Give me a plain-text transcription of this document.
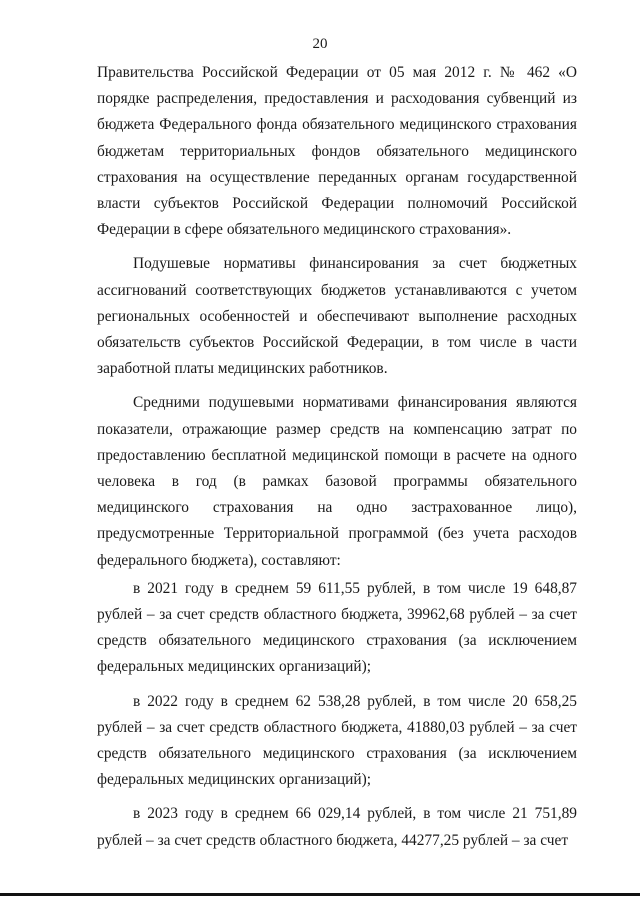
20

Правительства Российской Федерации от 05 мая 2012 г. № 462 «О порядке распределения, предоставления и расходования субвенций из бюджета Федерального фонда обязательного медицинского страхования бюджетам территориальных фондов обязательного медицинского страхования на осуществление переданных органам государственной власти субъектов Российской Федерации полномочий Российской Федерации в сфере обязательного медицинского страхования».

Подушевые нормативы финансирования за счет бюджетных ассигнований соответствующих бюджетов устанавливаются с учетом региональных особенностей и обеспечивают выполнение расходных обязательств субъектов Российской Федерации, в том числе в части заработной платы медицинских работников.

Средними подушевыми нормативами финансирования являются показатели, отражающие размер средств на компенсацию затрат по предоставлению бесплатной медицинской помощи в расчете на одного человека в год (в рамках базовой программы обязательного медицинского страхования на одно застрахованное лицо), предусмотренные Территориальной программой (без учета расходов федерального бюджета), составляют:

в 2021 году в среднем 59 611,55 рублей, в том числе 19 648,87 рублей – за счет средств областного бюджета, 39962,68 рублей – за счет средств обязательного медицинского страхования (за исключением федеральных медицинских организаций);

в 2022 году в среднем 62 538,28 рублей, в том числе 20 658,25 рублей – за счет средств областного бюджета, 41880,03 рублей – за счет средств обязательного медицинского страхования (за исключением федеральных медицинских организаций);

в 2023 году в среднем 66 029,14 рублей, в том числе 21 751,89 рублей – за счет средств областного бюджета, 44277,25 рублей – за счет
